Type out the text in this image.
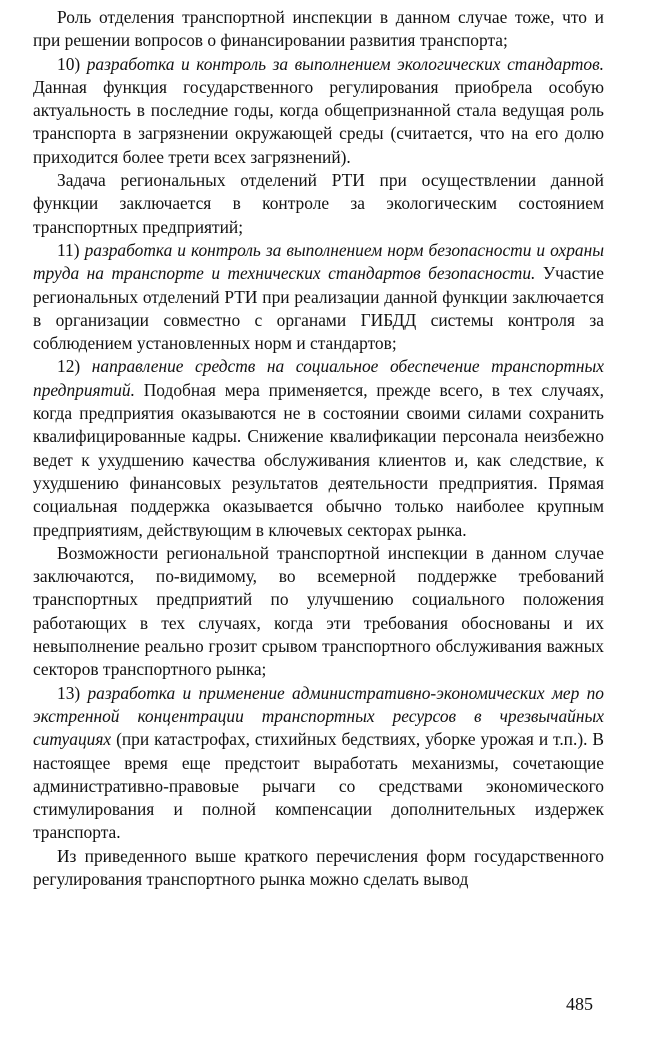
Роль отделения транспортной инспекции в данном случае тоже, что и при решении вопросов о финансировании развития транспорта;

10) разработка и контроль за выполнением экологических стандартов. Данная функция государственного регулирования приобрела особую актуальность в последние годы, когда общепризнанной стала ведущая роль транспорта в загрязнении окружающей среды (считается, что на его долю приходится более трети всех загрязнений).

Задача региональных отделений РТИ при осуществлении данной функции заключается в контроле за экологическим состоянием транспортных предприятий;

11) разработка и контроль за выполнением норм безопасности и охраны труда на транспорте и технических стандартов безопасности. Участие региональных отделений РТИ при реализации данной функции заключается в организации совместно с органами ГИБДД системы контроля за соблюдением установленных норм и стандартов;

12) направление средств на социальное обеспечение транспортных предприятий. Подобная мера применяется, прежде всего, в тех случаях, когда предприятия оказываются не в состоянии своими силами сохранить квалифицированные кадры. Снижение квалификации персонала неизбежно ведет к ухудшению качества обслуживания клиентов и, как следствие, к ухудшению финансовых результатов деятельности предприятия. Прямая социальная поддержка оказывается обычно только наиболее крупным предприятиям, действующим в ключевых секторах рынка.

Возможности региональной транспортной инспекции в данном случае заключаются, по-видимому, во всемерной поддержке требований транспортных предприятий по улучшению социального положения работающих в тех случаях, когда эти требования обоснованы и их невыполнение реально грозит срывом транспортного обслуживания важных секторов транспортного рынка;

13) разработка и применение административно-экономических мер по экстренной концентрации транспортных ресурсов в чрезвычайных ситуациях (при катастрофах, стихийных бедствиях, уборке урожая и т.п.). В настоящее время еще предстоит выработать механизмы, сочетающие административно-правовые рычаги со средствами экономического стимулирования и полной компенсации дополнительных издержек транспорта.

Из приведенного выше краткого перечисления форм государственного регулирования транспортного рынка можно сделать вывод

485
